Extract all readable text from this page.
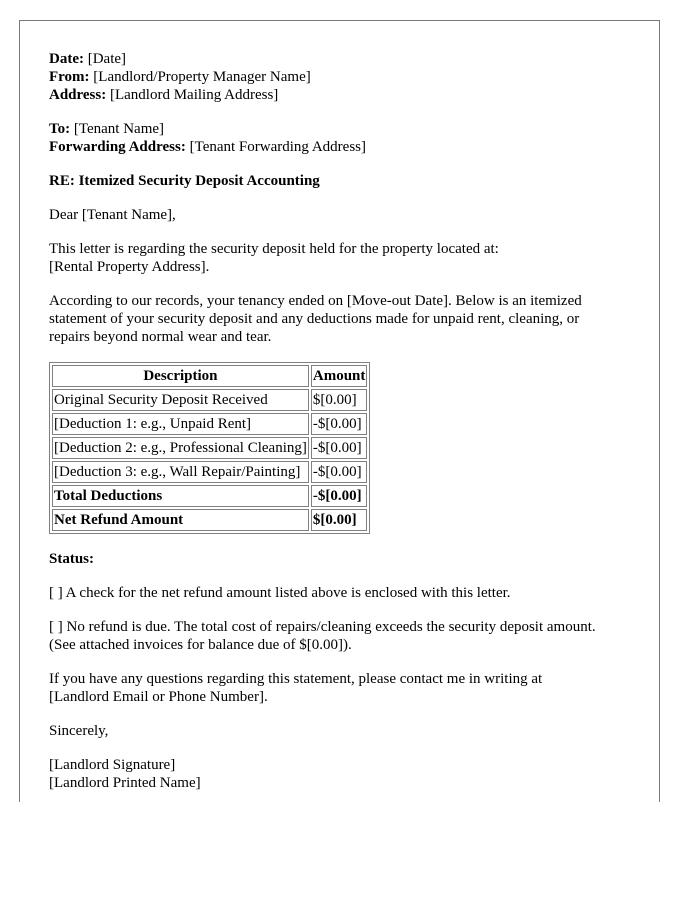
Date: [Date]
From: [Landlord/Property Manager Name]
Address: [Landlord Mailing Address]

To: [Tenant Name]
Forwarding Address: [Tenant Forwarding Address]

RE: Itemized Security Deposit Accounting

Dear [Tenant Name],

This letter is regarding the security deposit held for the property located at:
[Rental Property Address].

According to our records, your tenancy ended on [Move-out Date]. Below is an itemized
statement of your security deposit and any deductions made for unpaid rent, cleaning, or
repairs beyond normal wear and tear.

Description	Amount
Original Security Deposit Received	$[0.00]
[Deduction 1: e.g., Unpaid Rent]	-$[0.00]
[Deduction 2: e.g., Professional Cleaning]	-$[0.00]
[Deduction 3: e.g., Wall Repair/Painting]	-$[0.00]
Total Deductions	-$[0.00]
Net Refund Amount	$[0.00]

Status:

[ ] A check for the net refund amount listed above is enclosed with this letter.

[ ] No refund is due. The total cost of repairs/cleaning exceeds the security deposit amount.
(See attached invoices for balance due of $[0.00]).

If you have any questions regarding this statement, please contact me in writing at
[Landlord Email or Phone Number].

Sincerely,

[Landlord Signature]
[Landlord Printed Name]
